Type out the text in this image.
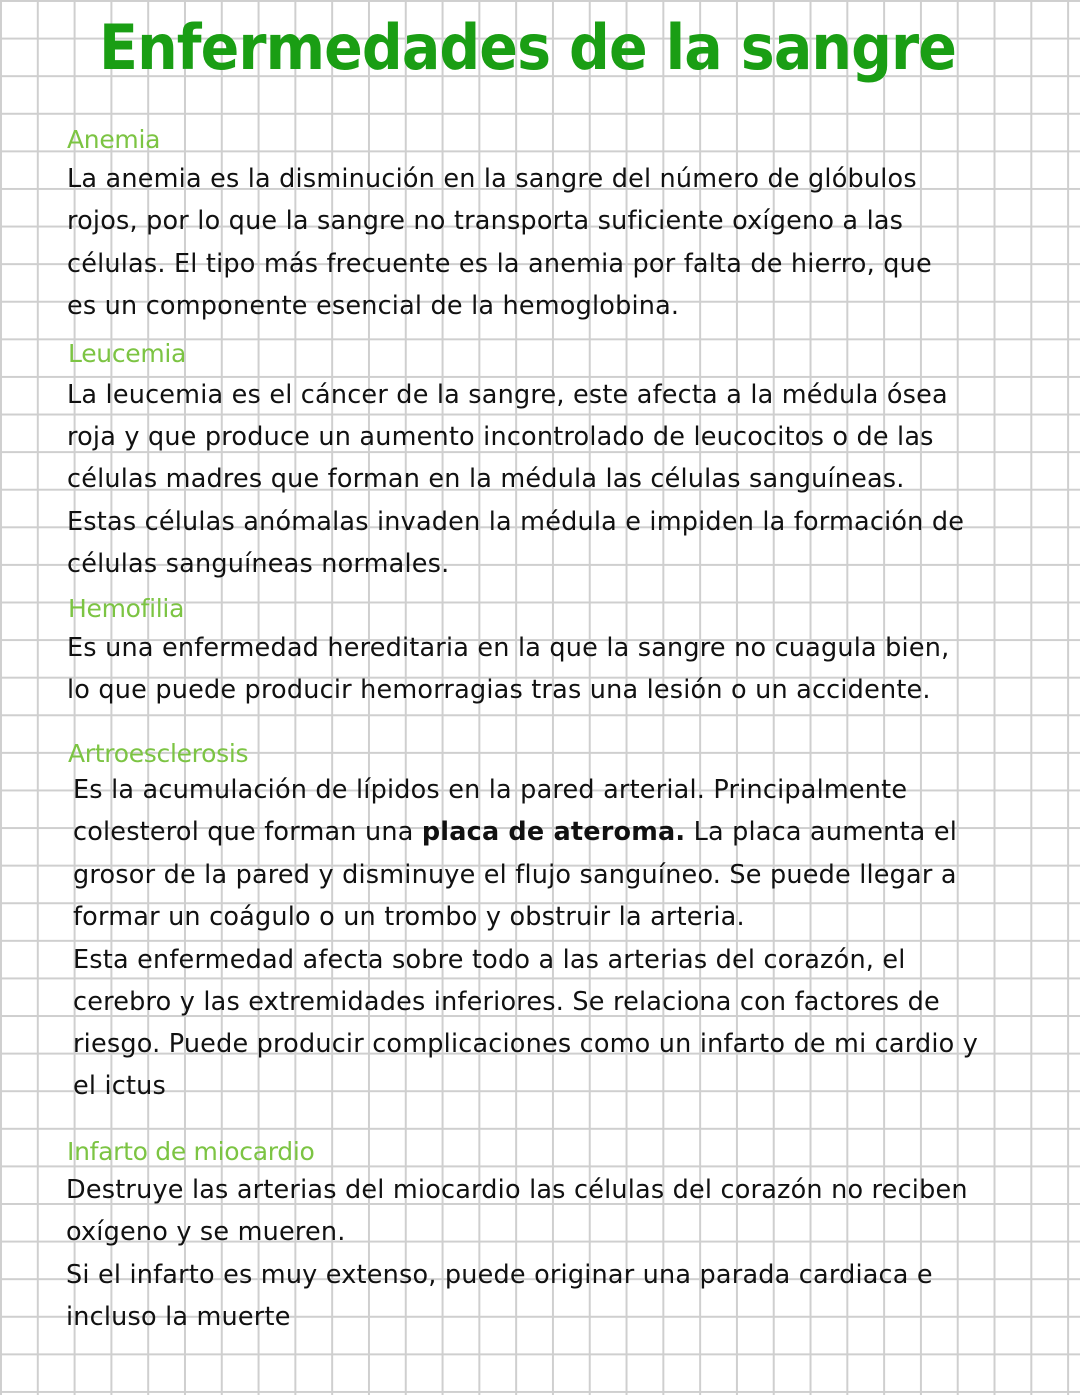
Enfermedades de la sangre
Anemia
La anemia es la disminución en la sangre del número de glóbulos
rojos, por lo que la sangre no transporta suficiente oxígeno a las
células. El tipo más frecuente es la anemia por falta de hierro, que
es un componente esencial de la hemoglobina.
Leucemia
La leucemia es el cáncer de la sangre, este afecta a la médula ósea
roja y que produce un aumento incontrolado de leucocitos o de las
células madres que forman en la médula las células sanguíneas.
Estas células anómalas invaden la médula e impiden la formación de
células sanguíneas normales.
Hemofilia
Es una enfermedad hereditaria en la que la sangre no cuagula bien,
lo que puede producir hemorragias tras una lesión o un accidente.
Artroesclerosis
Es la acumulación de lípidos en la pared arterial. Principalmente
colesterol que forman una placa de ateroma. La placa aumenta el
grosor de la pared y disminuye el flujo sanguíneo. Se puede llegar a
formar un coágulo o un trombo y obstruir la arteria.
Esta enfermedad afecta sobre todo a las arterias del corazón, el
cerebro y las extremidades inferiores. Se relaciona con factores de
riesgo. Puede producir complicaciones como un infarto de mi cardio y
el ictus
Infarto de miocardio
Destruye las arterias del miocardio las células del corazón no reciben
oxígeno y se mueren.
Si el infarto es muy extenso, puede originar una parada cardiaca e
incluso la muerte
